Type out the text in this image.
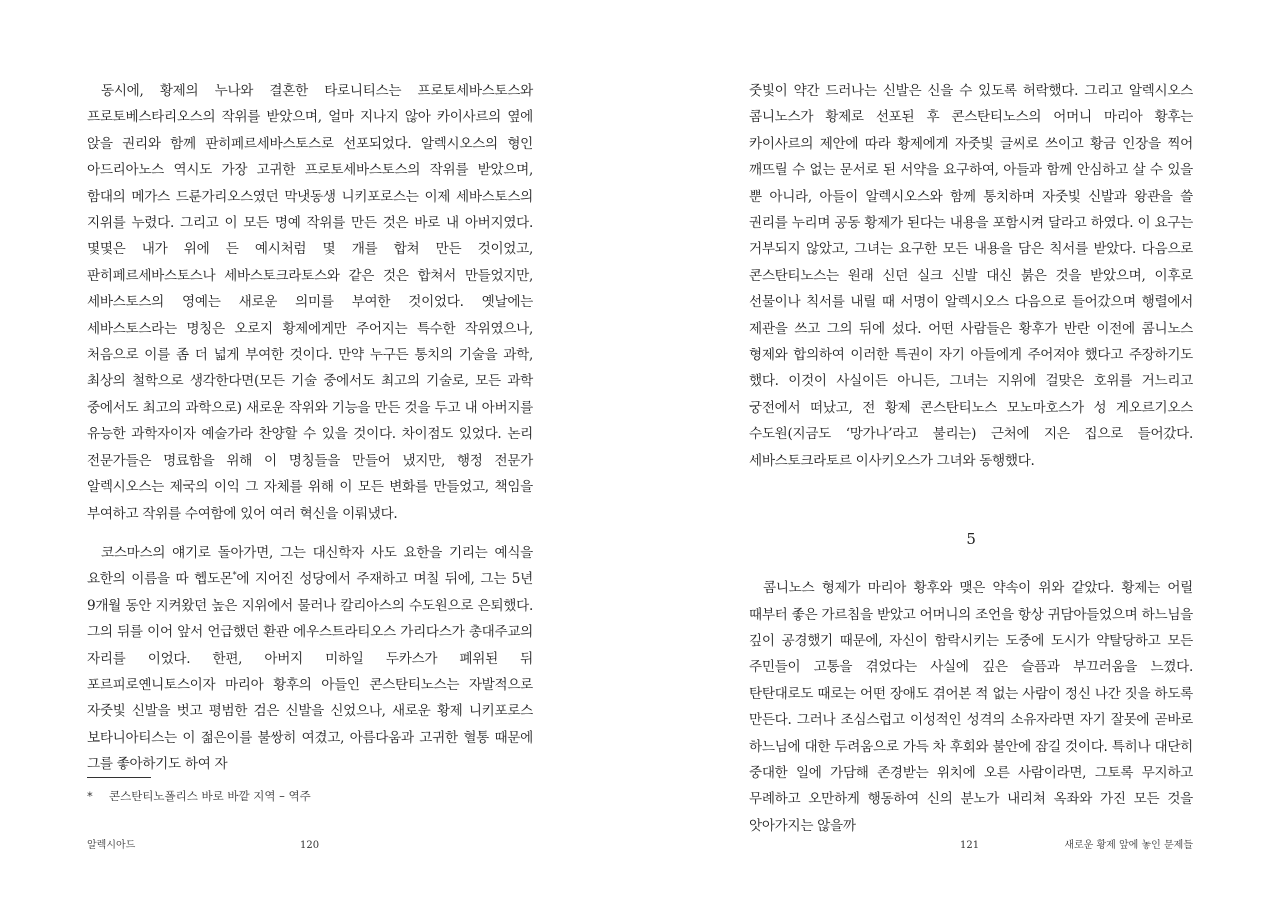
동시에, 황제의 누나와 결혼한 타로니티스는 프로토세바스토스와 프로토베스타리오스의 작위를 받았으며, 얼마 지나지 않아 카이사르의 옆에 앉을 권리와 함께 판히페르세바스토스로 선포되었다. 알렉시오스의 형인 아드리아노스 역시도 가장 고귀한 프로토세바스토스의 작위를 받았으며, 함대의 메가스 드룬가리오스였던 막냇동생 니키포로스는 이제 세바스토스의 지위를 누렸다. 그리고 이 모든 명예 작위를 만든 것은 바로 내 아버지였다. 몇몇은 내가 위에 든 예시처럼 몇 개를 합쳐 만든 것이었고, 판히페르세바스토스나 세바스토크라토스와 같은 것은 합쳐서 만들었지만, 세바스토스의 영예는 새로운 의미를 부여한 것이었다. 옛날에는 세바스토스라는 명칭은 오로지 황제에게만 주어지는 특수한 작위였으나, 처음으로 이를 좀 더 넓게 부여한 것이다. 만약 누구든 통치의 기술을 과학, 최상의 철학으로 생각한다면(모든 기술 중에서도 최고의 기술로, 모든 과학 중에서도 최고의 과학으로) 새로운 작위와 기능을 만든 것을 두고 내 아버지를 유능한 과학자이자 예술가라 찬양할 수 있을 것이다. 차이점도 있었다. 논리 전문가들은 명료함을 위해 이 명칭들을 만들어 냈지만, 행정 전문가 알렉시오스는 제국의 이익 그 자체를 위해 이 모든 변화를 만들었고, 책임을 부여하고 작위를 수여함에 있어 여러 혁신을 이뤄냈다.

코스마스의 얘기로 돌아가면, 그는 대신학자 사도 요한을 기리는 예식을 요한의 이름을 따 헵도몬*에 지어진 성당에서 주재하고 며칠 뒤에, 그는 5년 9개월 동안 지켜왔던 높은 지위에서 물러나 칼리아스의 수도원으로 은퇴했다. 그의 뒤를 이어 앞서 언급했던 환관 에우스트라티오스 가리다스가 총대주교의 자리를 이었다. 한편, 아버지 미하일 두카스가 폐위된 뒤 포르피로옌니토스이자 마리아 황후의 아들인 콘스탄티노스는 자발적으로 자줏빛 신발을 벗고 평범한 검은 신발을 신었으나, 새로운 황제 니키포로스 보타니아티스는 이 젊은이를 불쌍히 여겼고, 아름다움과 고귀한 혈통 때문에 그를 좋아하기도 하여 자

* 콘스탄티노폴리스 바로 바깥 지역 – 역주
알렉시아드	120

줏빛이 약간 드러나는 신발은 신을 수 있도록 허락했다. 그리고 알렉시오스 콤니노스가 황제로 선포된 후 콘스탄티노스의 어머니 마리아 황후는 카이사르의 제안에 따라 황제에게 자줏빛 글씨로 쓰이고 황금 인장을 찍어 깨뜨릴 수 없는 문서로 된 서약을 요구하여, 아들과 함께 안심하고 살 수 있을 뿐 아니라, 아들이 알렉시오스와 함께 통치하며 자줏빛 신발과 왕관을 쓸 권리를 누리며 공동 황제가 된다는 내용을 포함시켜 달라고 하였다. 이 요구는 거부되지 않았고, 그녀는 요구한 모든 내용을 담은 칙서를 받았다. 다음으로 콘스탄티노스는 원래 신던 실크 신발 대신 붉은 것을 받았으며, 이후로 선물이나 칙서를 내릴 때 서명이 알렉시오스 다음으로 들어갔으며 행렬에서 제관을 쓰고 그의 뒤에 섰다. 어떤 사람들은 황후가 반란 이전에 콤니노스 형제와 합의하여 이러한 특권이 자기 아들에게 주어져야 했다고 주장하기도 했다. 이것이 사실이든 아니든, 그녀는 지위에 걸맞은 호위를 거느리고 궁전에서 떠났고, 전 황제 콘스탄티노스 모노마호스가 성 게오르기오스 수도원(지금도 ‘망가나’라고 불리는) 근처에 지은 집으로 들어갔다. 세바스토크라토르 이사키오스가 그녀와 동행했다.

5

콤니노스 형제가 마리아 황후와 맺은 약속이 위와 같았다. 황제는 어릴 때부터 좋은 가르침을 받았고 어머니의 조언을 항상 귀담아들었으며 하느님을 깊이 공경했기 때문에, 자신이 함락시키는 도중에 도시가 약탈당하고 모든 주민들이 고통을 겪었다는 사실에 깊은 슬픔과 부끄러움을 느꼈다. 탄탄대로도 때로는 어떤 장애도 겪어본 적 없는 사람이 정신 나간 짓을 하도록 만든다. 그러나 조심스럽고 이성적인 성격의 소유자라면 자기 잘못에 곧바로 하느님에 대한 두려움으로 가득 차 후회와 불안에 잠길 것이다. 특히나 대단히 중대한 일에 가담해 존경받는 위치에 오른 사람이라면, 그토록 무지하고 무례하고 오만하게 행동하여 신의 분노가 내리쳐 옥좌와 가진 모든 것을 앗아가지는 않을까

121	새로운 황제 앞에 놓인 문제들
